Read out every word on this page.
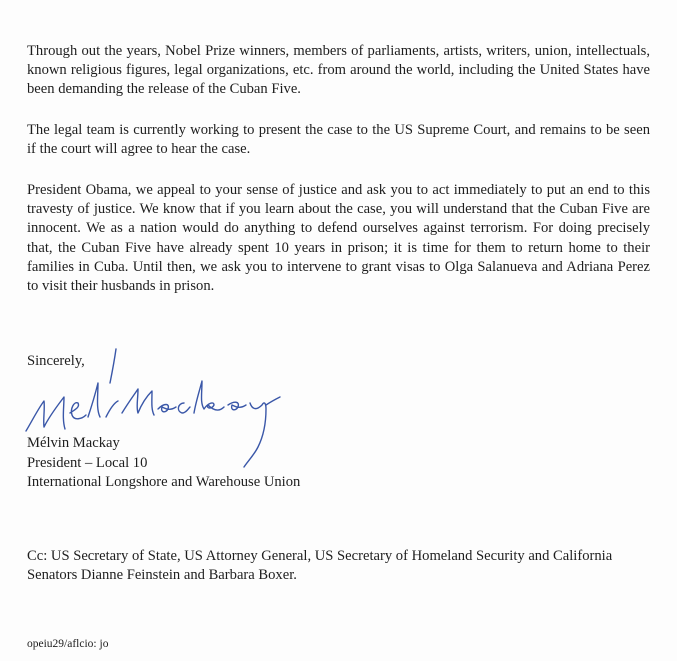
Through out the years, Nobel Prize winners, members of parliaments, artists, writers, union, intellectuals, known religious figures, legal organizations, etc. from around the world, including the United States have been demanding the release of the Cuban Five.

The legal team is currently working to present the case to the US Supreme Court, and remains to be seen if the court will agree to hear the case.

President Obama, we appeal to your sense of justice and ask you to act immediately to put an end to this travesty of justice. We know that if you learn about the case, you will understand that the Cuban Five are innocent. We as a nation would do anything to defend ourselves against terrorism. For doing precisely that, the Cuban Five have already spent 10 years in prison; it is time for them to return home to their families in Cuba. Until then, we ask you to intervene to grant visas to Olga Salanueva and Adriana Perez to visit their husbands in prison.

Sincerely,

Mélvin Mackay
President – Local 10
International Longshore and Warehouse Union

Cc: US Secretary of State, US Attorney General, US Secretary of Homeland Security and California Senators Dianne Feinstein and Barbara Boxer.

opeiu29/aflcio: jo
